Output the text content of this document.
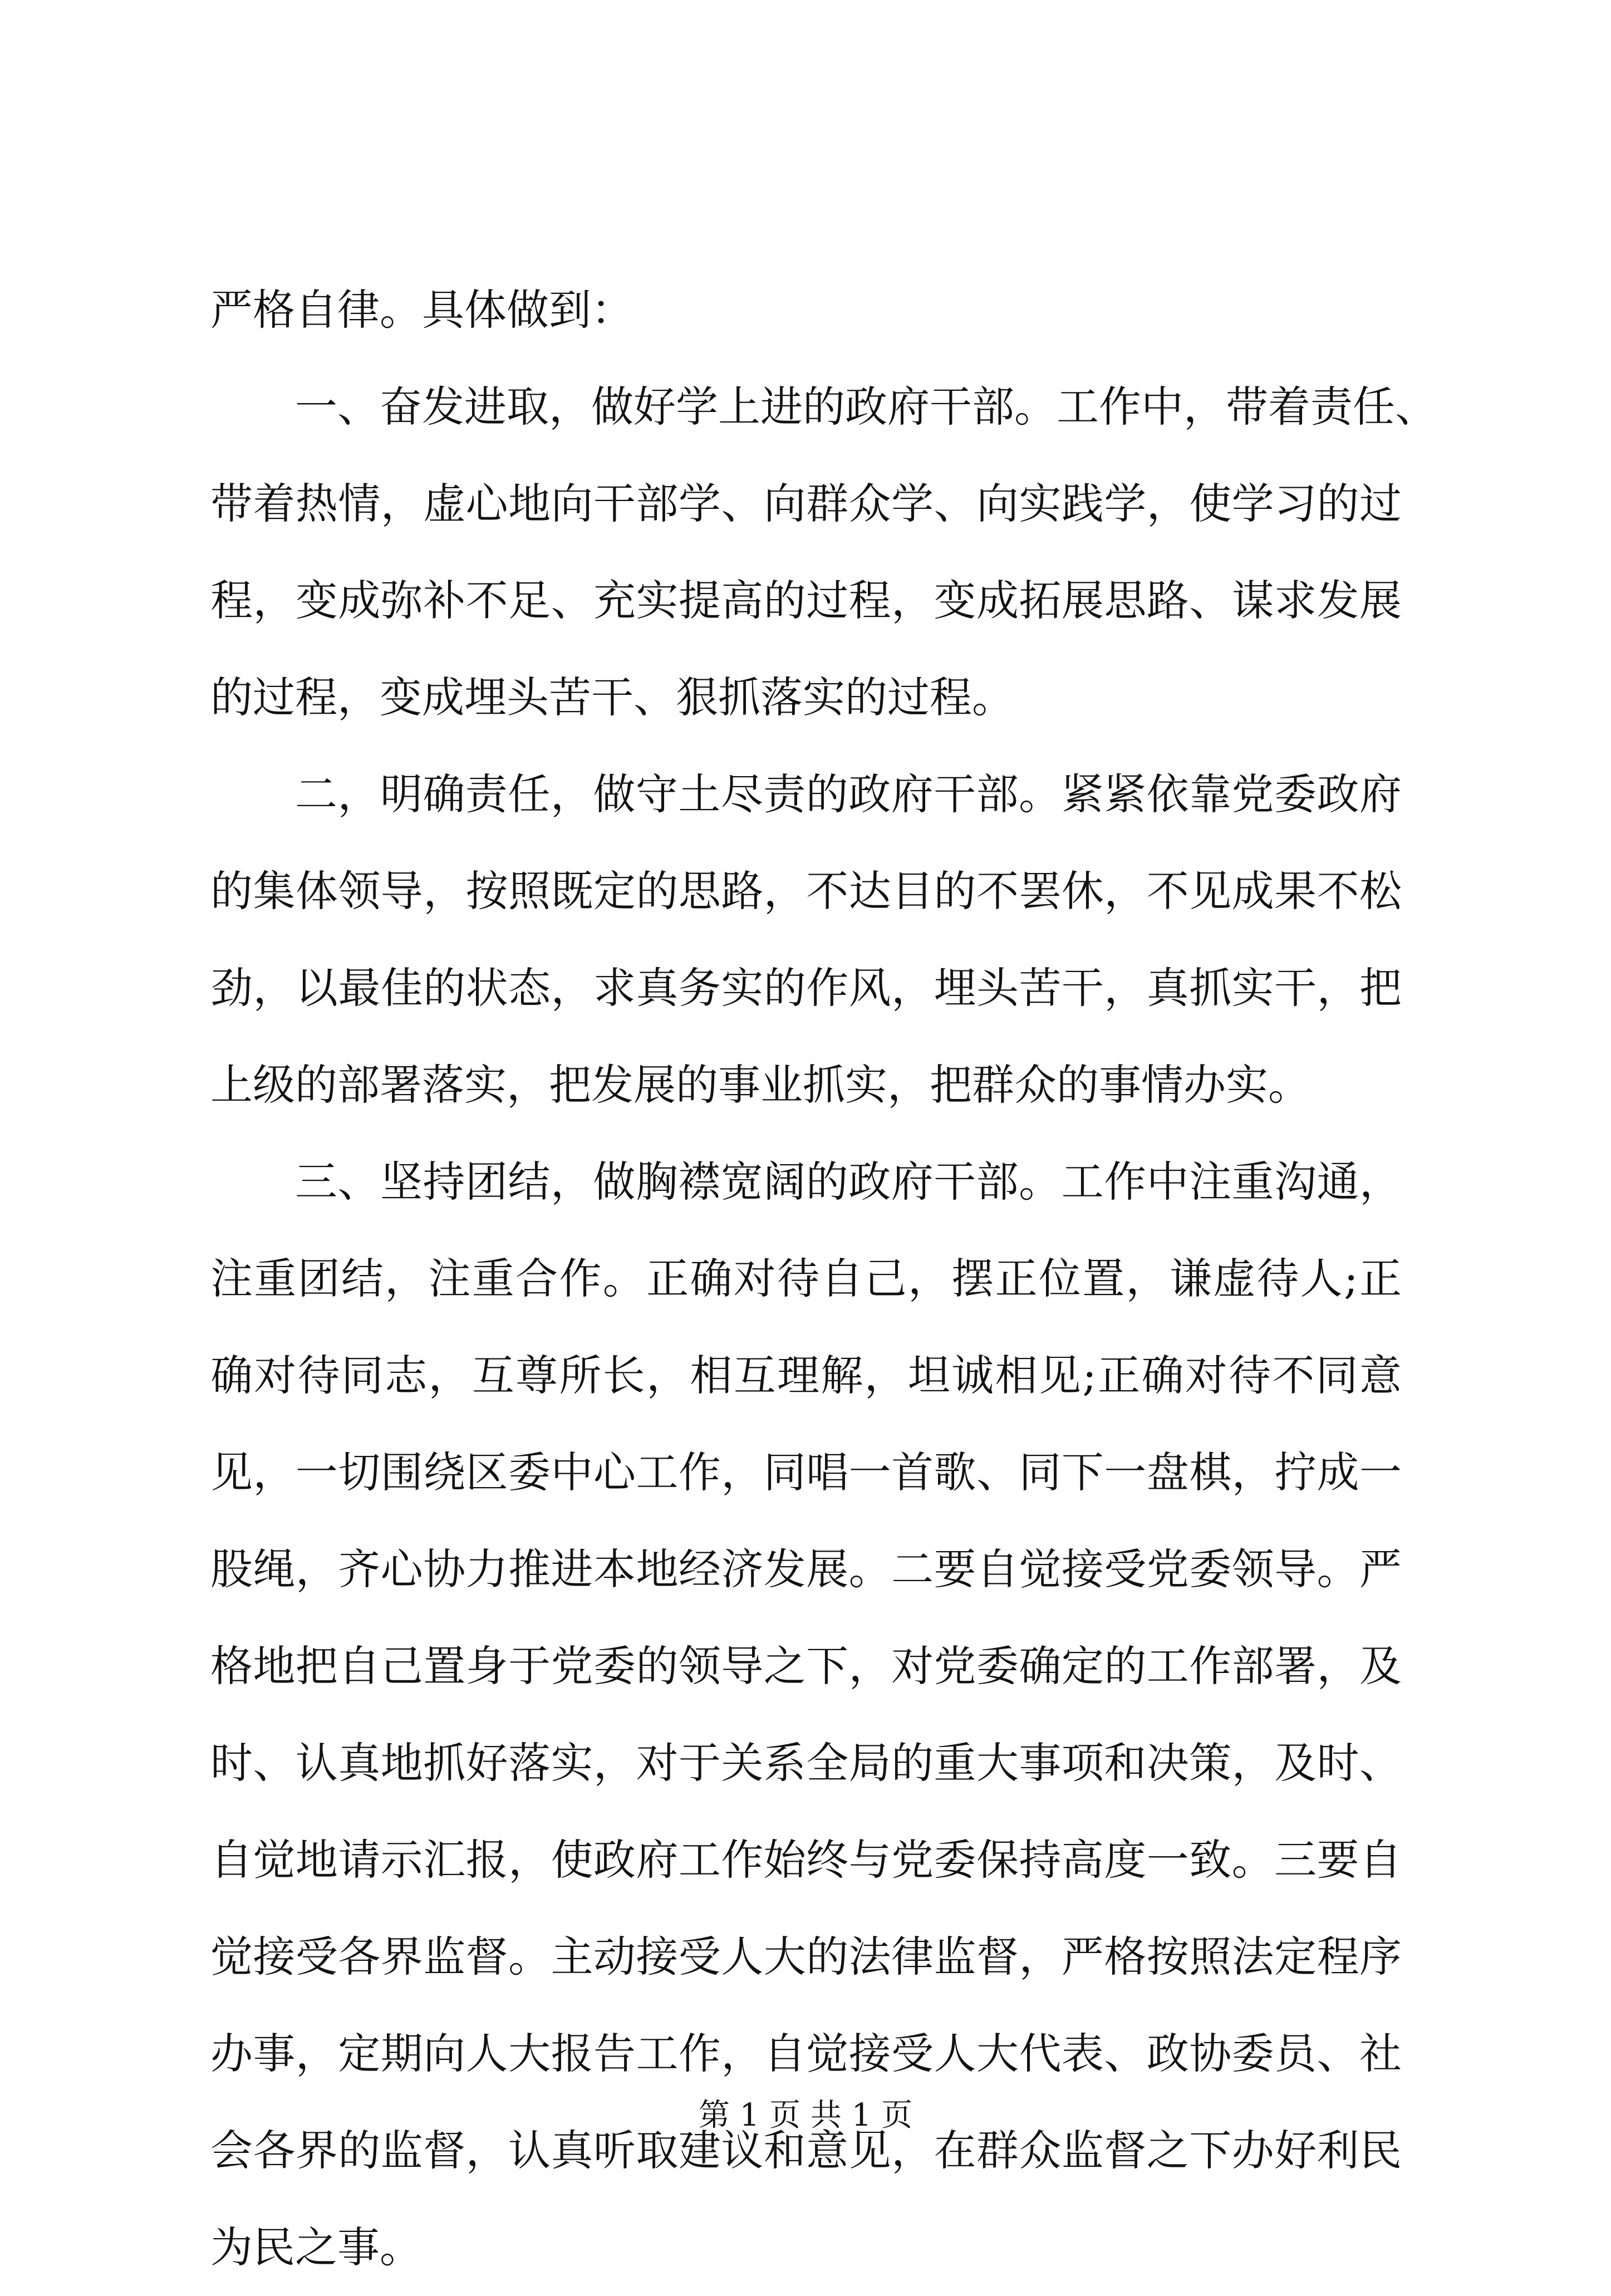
严格自律。具体做到：
一、奋发进取，做好学上进的政府干部。工作中，带着责任、
带着热情，虚心地向干部学、向群众学、向实践学，使学习的过
程，变成弥补不足、充实提高的过程，变成拓展思路、谋求发展
的过程，变成埋头苦干、狠抓落实的过程。
二，明确责任，做守土尽责的政府干部。紧紧依靠党委政府
的集体领导，按照既定的思路，不达目的不罢休，不见成果不松
劲，以最佳的状态，求真务实的作风，埋头苦干，真抓实干，把
上级的部署落实，把发展的事业抓实，把群众的事情办实。
三、坚持团结，做胸襟宽阔的政府干部。工作中注重沟通，
注重团结，注重合作。正确对待自己，摆正位置，谦虚待人;正
确对待同志，互尊所长，相互理解，坦诚相见;正确对待不同意
见，一切围绕区委中心工作，同唱一首歌、同下一盘棋，拧成一
股绳，齐心协力推进本地经济发展。二要自觉接受党委领导。严
格地把自己置身于党委的领导之下，对党委确定的工作部署，及
时、认真地抓好落实，对于关系全局的重大事项和决策，及时、
自觉地请示汇报，使政府工作始终与党委保持高度一致。三要自
觉接受各界监督。主动接受人大的法律监督，严格按照法定程序
办事，定期向人大报告工作，自觉接受人大代表、政协委员、社
会各界的监督，认真听取建议和意见，在群众监督之下办好利民
为民之事。
第 1 页 共 1 页
